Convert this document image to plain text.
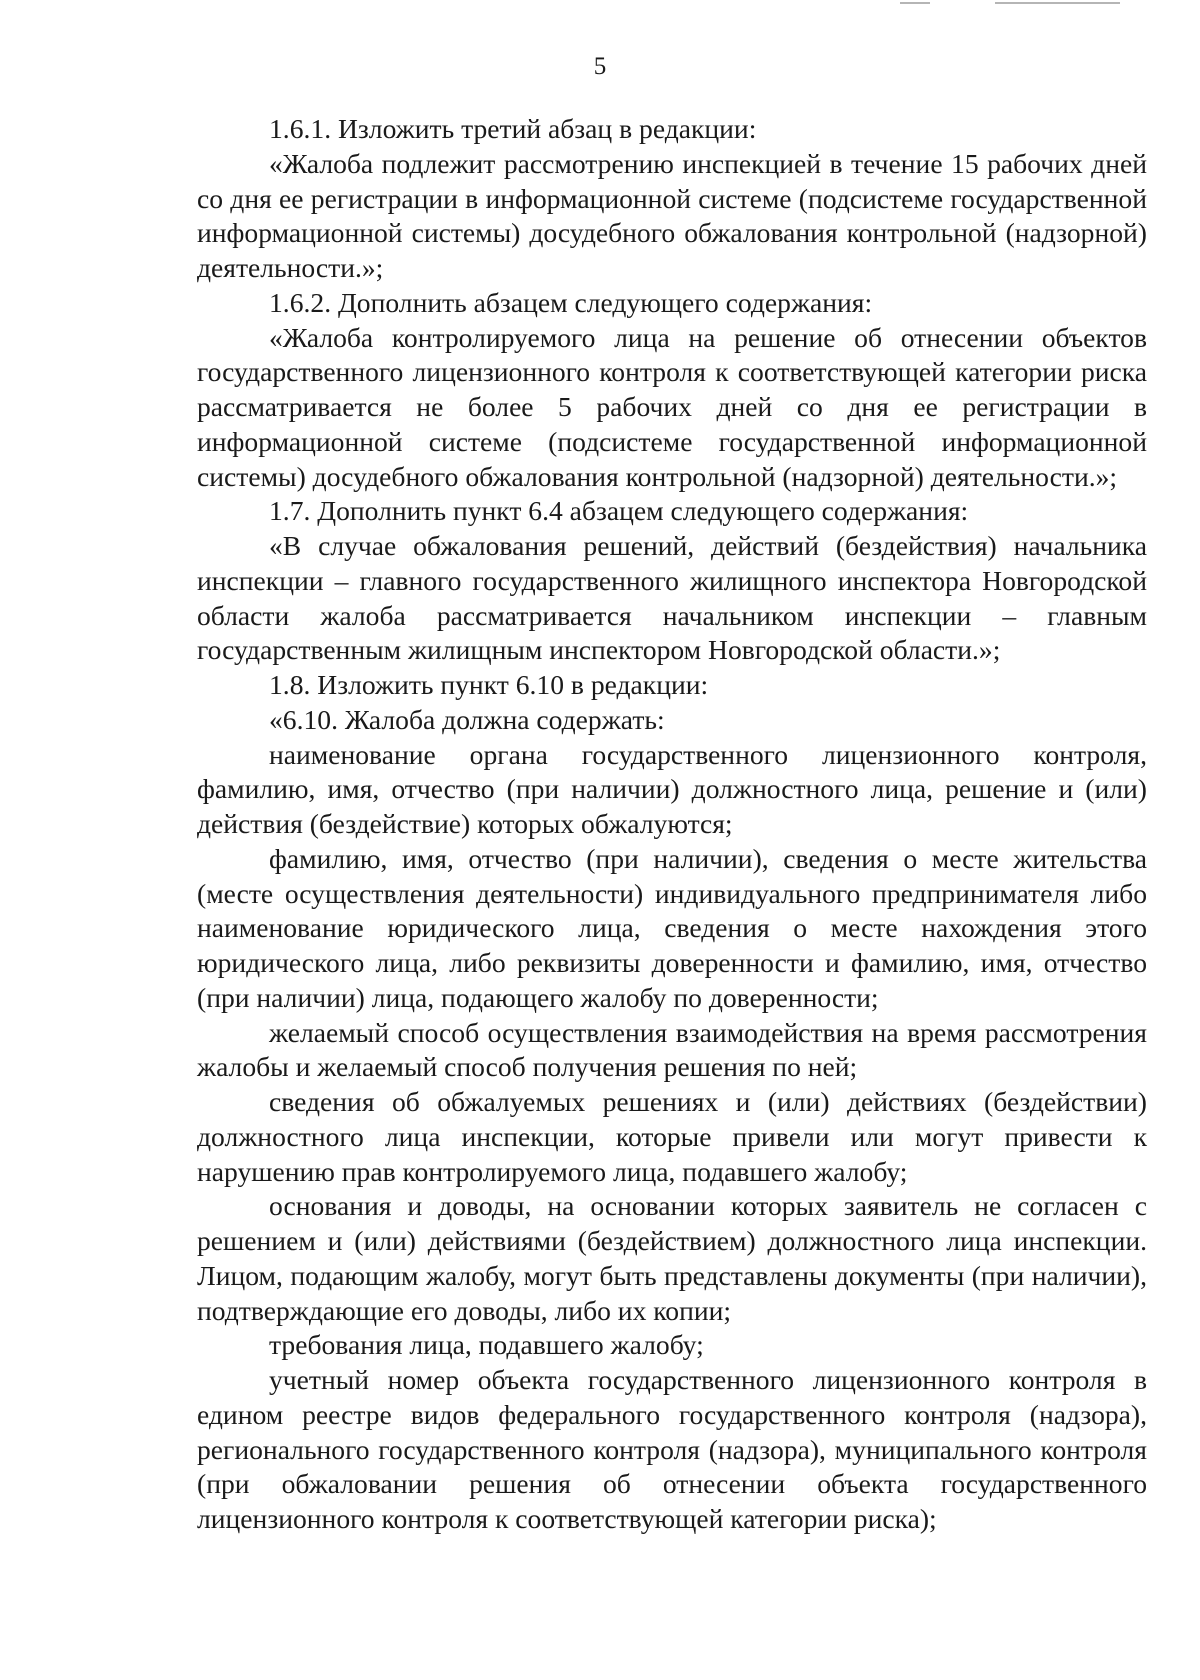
5

1.6.1. Изложить третий абзац в редакции:

«Жалоба подлежит рассмотрению инспекцией в течение 15 рабочих дней со дня ее регистрации в информационной системе (подсистеме государственной информационной системы) досудебного обжалования контрольной (надзорной) деятельности.»;

1.6.2. Дополнить абзацем следующего содержания:

«Жалоба контролируемого лица на решение об отнесении объектов государственного лицензионного контроля к соответствующей категории риска рассматривается не более 5 рабочих дней со дня ее регистрации в информационной системе (подсистеме государственной информационной системы) досудебного обжалования контрольной (надзорной) деятельности.»;

1.7. Дополнить пункт 6.4 абзацем следующего содержания:

«В случае обжалования решений, действий (бездействия) начальника инспекции – главного государственного жилищного инспектора Новгородской области жалоба рассматривается начальником инспекции – главным государственным жилищным инспектором Новгородской области.»;

1.8. Изложить пункт 6.10 в редакции:

«6.10. Жалоба должна содержать:

наименование органа государственного лицензионного контроля, фамилию, имя, отчество (при наличии) должностного лица, решение и (или) действия (бездействие) которых обжалуются;

фамилию, имя, отчество (при наличии), сведения о месте жительства (месте осуществления деятельности) индивидуального предпринимателя либо наименование юридического лица, сведения о месте нахождения этого юридического лица, либо реквизиты доверенности и фамилию, имя, отчество (при наличии) лица, подающего жалобу по доверенности;

желаемый способ осуществления взаимодействия на время рассмотрения жалобы и желаемый способ получения решения по ней;

сведения об обжалуемых решениях и (или) действиях (бездействии) должностного лица инспекции, которые привели или могут привести к нарушению прав контролируемого лица, подавшего жалобу;

основания и доводы, на основании которых заявитель не согласен с решением и (или) действиями (бездействием) должностного лица инспекции. Лицом, подающим жалобу, могут быть представлены документы (при наличии), подтверждающие его доводы, либо их копии;

требования лица, подавшего жалобу;

учетный номер объекта государственного лицензионного контроля в едином реестре видов федерального государственного контроля (надзора), регионального государственного контроля (надзора), муниципального контроля (при обжаловании решения об отнесении объекта государственного лицензионного контроля к соответствующей категории риска);
